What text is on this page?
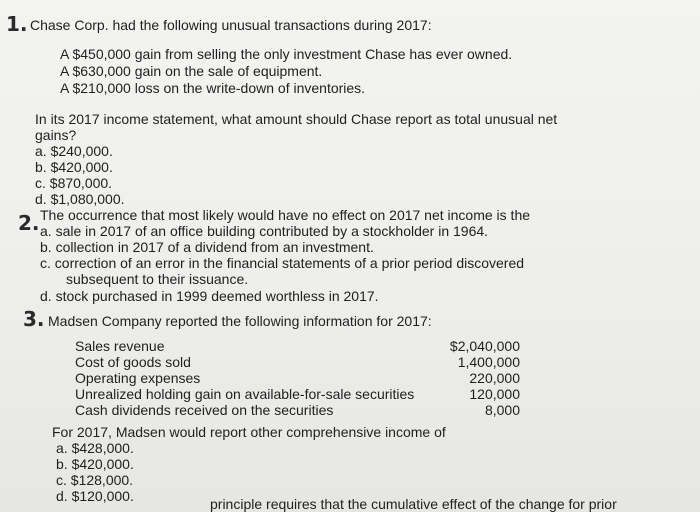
1. Chase Corp. had the following unusual transactions during 2017:
A $450,000 gain from selling the only investment Chase has ever owned.
A $630,000 gain on the sale of equipment.
A $210,000 loss on the write-down of inventories.
In its 2017 income statement, what amount should Chase report as total unusual net
gains?
a. $240,000.
b. $420,000.
c. $870,000.
d. $1,080,000.
2. The occurrence that most likely would have no effect on 2017 net income is the
a. sale in 2017 of an office building contributed by a stockholder in 1964.
b. collection in 2017 of a dividend from an investment.
c. correction of an error in the financial statements of a prior period discovered
subsequent to their issuance.
d. stock purchased in 1999 deemed worthless in 2017.
3. Madsen Company reported the following information for 2017:
Sales revenue	$2,040,000
Cost of goods sold	1,400,000
Operating expenses	220,000
Unrealized holding gain on available-for-sale securities	120,000
Cash dividends received on the securities	8,000
For 2017, Madsen would report other comprehensive income of
a. $428,000.
b. $420,000.
c. $128,000.
d. $120,000.	principle requires that the cumulative effect of the change for prior
